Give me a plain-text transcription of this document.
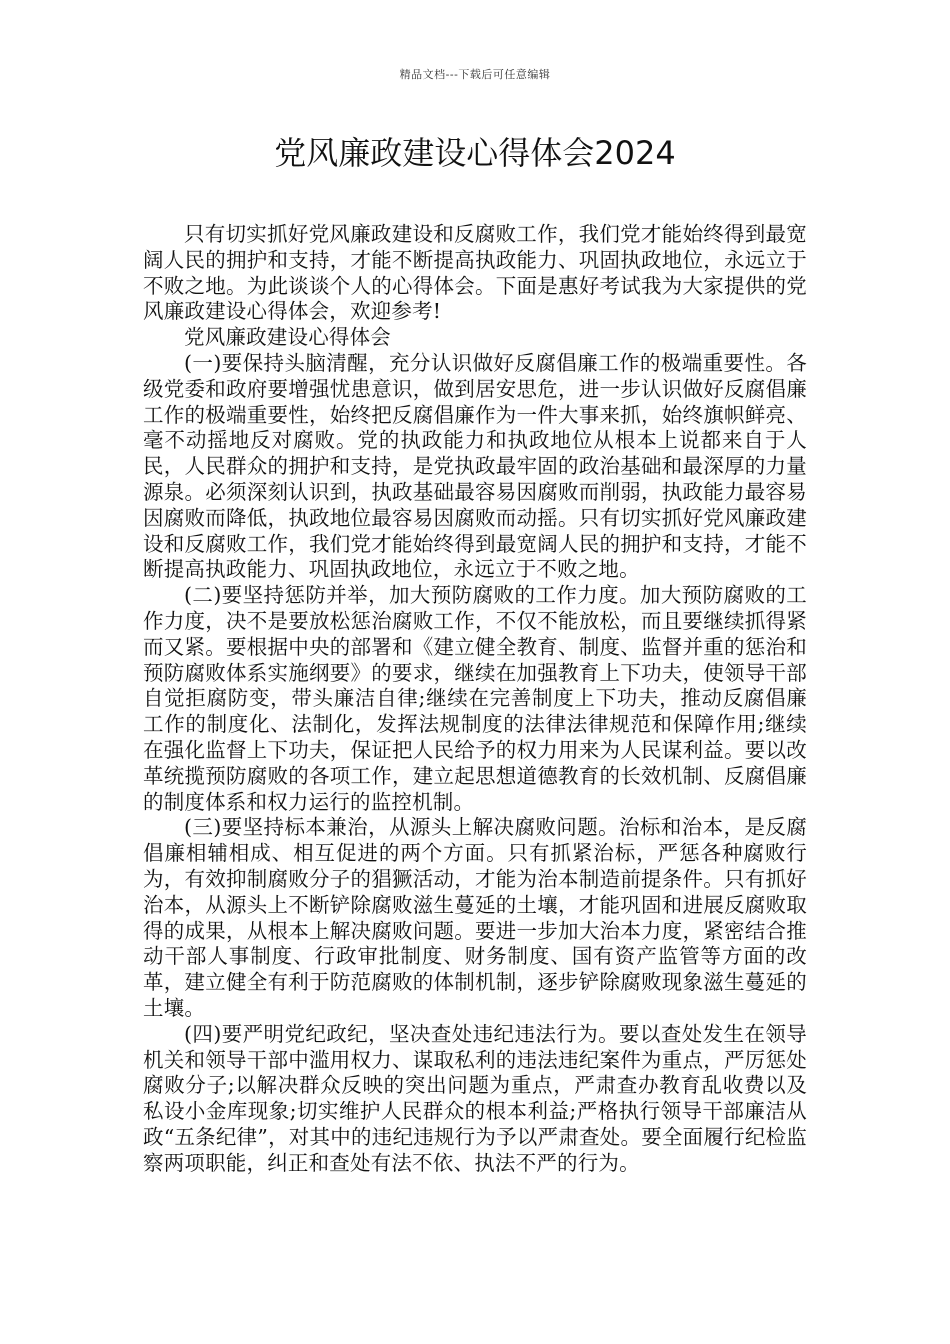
精品文档---下载后可任意编辑
党风廉政建设心得体会2024

只有切实抓好党风廉政建设和反腐败工作，我们党才能始终得到最宽阔人民的拥护和支持，才能不断提高执政能力、巩固执政地位，永远立于不败之地。为此谈谈个人的心得体会。下面是惠好考试我为大家提供的党风廉政建设心得体会，欢迎参考!

党风廉政建设心得体会

(一)要保持头脑清醒，充分认识做好反腐倡廉工作的极端重要性。各级党委和政府要增强忧患意识，做到居安思危，进一步认识做好反腐倡廉工作的极端重要性，始终把反腐倡廉作为一件大事来抓，始终旗帜鲜亮、毫不动摇地反对腐败。党的执政能力和执政地位从根本上说都来自于人民，人民群众的拥护和支持，是党执政最牢固的政治基础和最深厚的力量源泉。必须深刻认识到，执政基础最容易因腐败而削弱，执政能力最容易因腐败而降低，执政地位最容易因腐败而动摇。只有切实抓好党风廉政建设和反腐败工作，我们党才能始终得到最宽阔人民的拥护和支持，才能不断提高执政能力、巩固执政地位，永远立于不败之地。

(二)要坚持惩防并举，加大预防腐败的工作力度。加大预防腐败的工作力度，决不是要放松惩治腐败工作，不仅不能放松，而且要继续抓得紧而又紧。要根据中央的部署和《建立健全教育、制度、监督并重的惩治和预防腐败体系实施纲要》的要求，继续在加强教育上下功夫，使领导干部自觉拒腐防变，带头廉洁自律;继续在完善制度上下功夫，推动反腐倡廉工作的制度化、法制化，发挥法规制度的法律法律规范和保障作用;继续在强化监督上下功夫，保证把人民给予的权力用来为人民谋利益。要以改革统揽预防腐败的各项工作，建立起思想道德教育的长效机制、反腐倡廉的制度体系和权力运行的监控机制。

(三)要坚持标本兼治，从源头上解决腐败问题。治标和治本，是反腐倡廉相辅相成、相互促进的两个方面。只有抓紧治标，严惩各种腐败行为，有效抑制腐败分子的猖獗活动，才能为治本制造前提条件。只有抓好治本，从源头上不断铲除腐败滋生蔓延的土壤，才能巩固和进展反腐败取得的成果，从根本上解决腐败问题。要进一步加大治本力度，紧密结合推动干部人事制度、行政审批制度、财务制度、国有资产监管等方面的改革，建立健全有利于防范腐败的体制机制，逐步铲除腐败现象滋生蔓延的土壤。

(四)要严明党纪政纪，坚决查处违纪违法行为。要以查处发生在领导机关和领导干部中滥用权力、谋取私利的违法违纪案件为重点，严厉惩处腐败分子;以解决群众反映的突出问题为重点，严肃查办教育乱收费以及私设小金库现象;切实维护人民群众的根本利益;严格执行领导干部廉洁从政“五条纪律”，对其中的违纪违规行为予以严肃查处。要全面履行纪检监察两项职能，纠正和查处有法不依、执法不严的行为。
